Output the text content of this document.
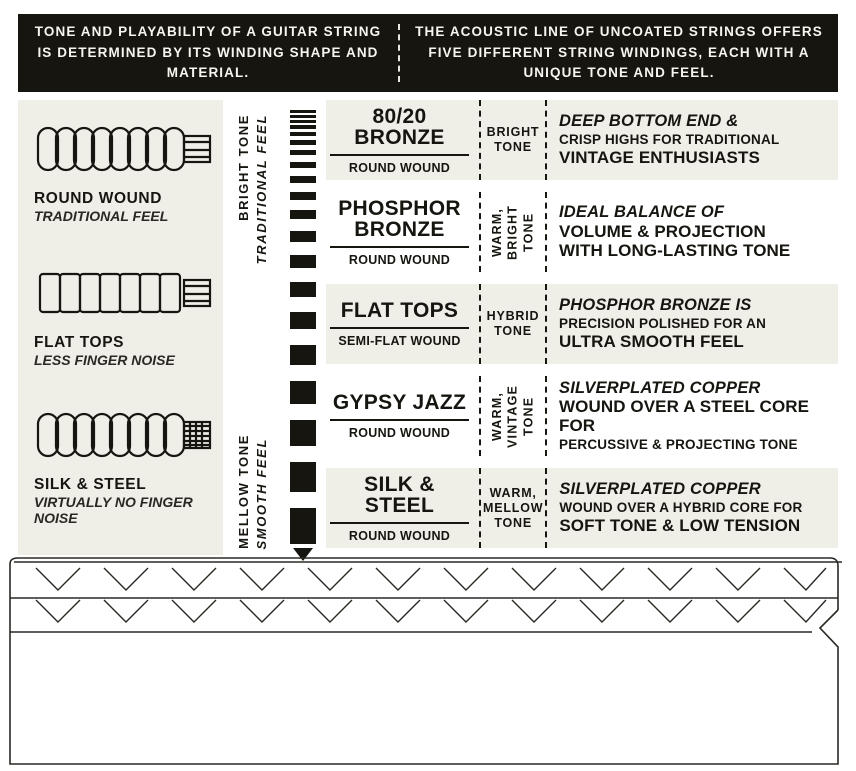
TONE AND PLAYABILITY OF A GUITAR STRING IS DETERMINED BY ITS WINDING SHAPE AND MATERIAL.
THE ACOUSTIC LINE OF UNCOATED STRINGS OFFERS FIVE DIFFERENT STRING WINDINGS, EACH WITH A UNIQUE TONE AND FEEL.
ROUND WOUND
TRADITIONAL FEEL
FLAT TOPS
LESS FINGER NOISE
SILK & STEEL
VIRTUALLY NO FINGER NOISE
BRIGHT TONE TRADITIONAL FEEL
MELLOW TONE SMOOTH FEEL
80/20 BRONZE
ROUND WOUND
BRIGHT TONE
DEEP BOTTOM END &
CRISP HIGHS FOR TRADITIONAL
VINTAGE ENTHUSIASTS
PHOSPHOR BRONZE
ROUND WOUND
WARM, BRIGHT TONE
IDEAL BALANCE OF
VOLUME & PROJECTION
WITH LONG-LASTING TONE
FLAT TOPS
SEMI-FLAT WOUND
HYBRID TONE
PHOSPHOR BRONZE IS
PRECISION POLISHED FOR AN
ULTRA SMOOTH FEEL
GYPSY JAZZ
ROUND WOUND	WARM, VINTAGE TONE
SILVERPLATED COPPER
WOUND OVER A STEEL CORE FOR
PERCUSSIVE & PROJECTING TONE
SILK & STEEL
ROUND WOUND
WARM, MELLOW TONE
SILVERPLATED COPPER
WOUND OVER A HYBRID CORE FOR
SOFT TONE & LOW TENSION
